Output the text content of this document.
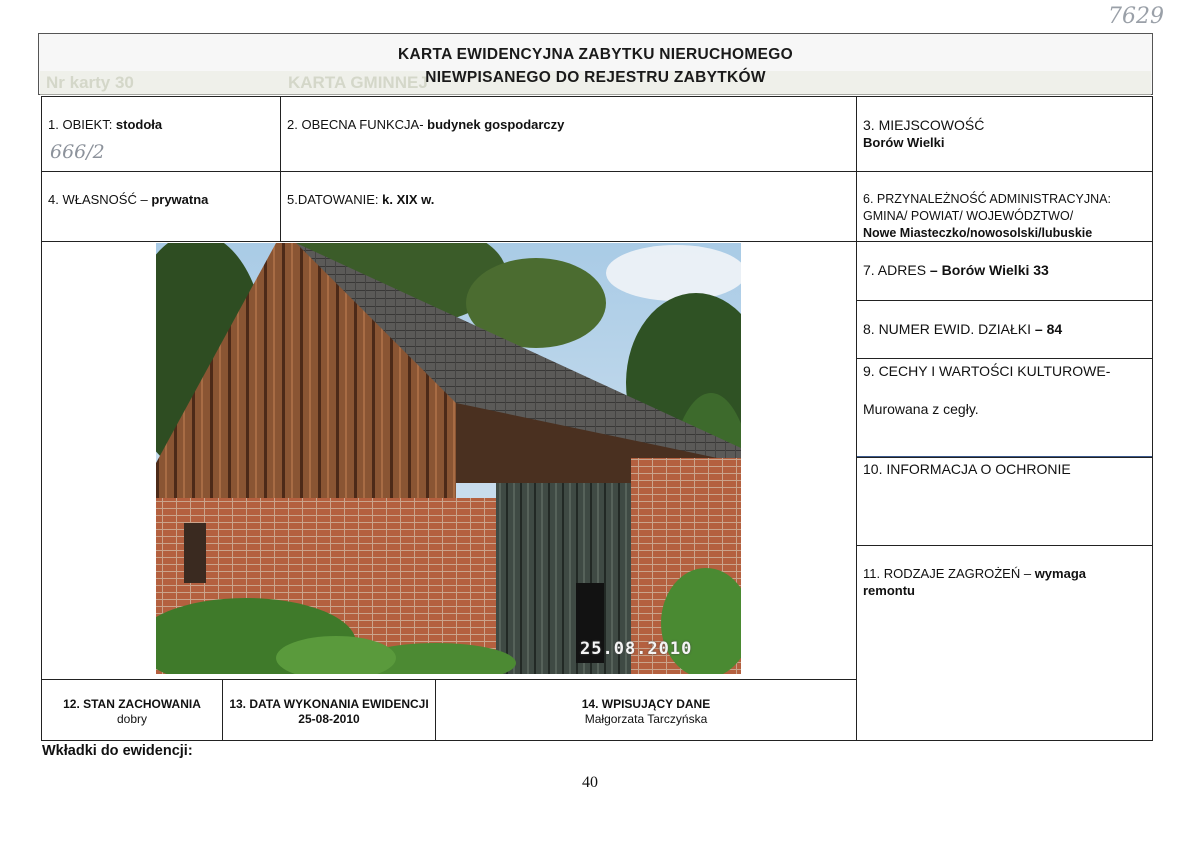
7629
Nr karty 30	KARTA GMINNEJ
KARTA EWIDENCYJNA ZABYTKU NIERUCHOMEGO
NIEWPISANEGO DO REJESTRU ZABYTKÓW
1. OBIEKT: stodoła
666/2
2. OBECNA FUNKCJA- budynek gospodarczy	3. MIEJSCOWOŚĆ
Borów Wielki
4. WŁASNOŚĆ – prywatna	5.DATOWANIE: k. XIX w.	6. PRZYNALEŻNOŚĆ ADMINISTRACYJNA:
GMINA/ POWIAT/ WOJEWÓDZTWO/
Nowe Miasteczko/nowosolski/lubuskie
25.08.2010
7. ADRES – Borów Wielki 33
8. NUMER EWID. DZIAŁKI – 84
9. CECHY I WARTOŚCI KULTUROWE-
Murowana z cegły.
10. INFORMACJA O OCHRONIE
11. RODZAJE ZAGROŻEŃ – wymaga
remontu
12. STAN ZACHOWANIA
dobry
13. DATA WYKONANIA EWIDENCJI
25-08-2010
14. WPISUJĄCY DANE
Małgorzata Tarczyńska
Wkładki do ewidencji:
40
